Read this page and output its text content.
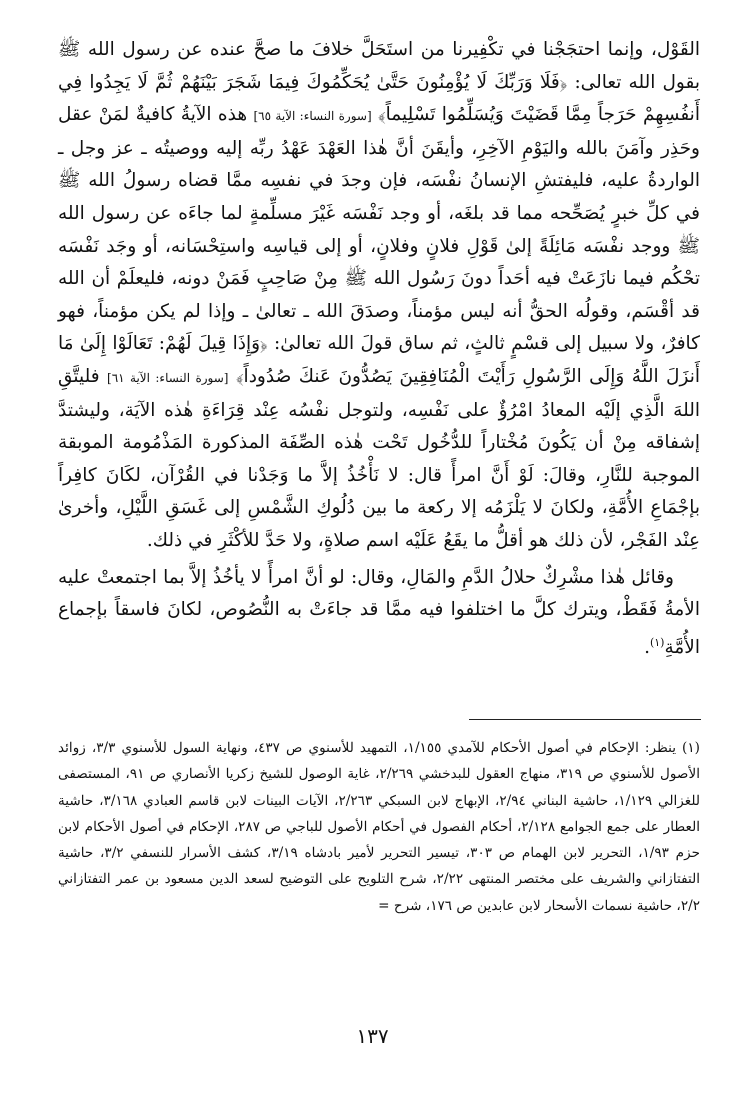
القَوْل، وإنما احتجَجْنا في تكْفِيرنا من استَحَلَّ خلافَ ما صحَّ عنده عن رسول الله ﷺ بقول الله تعالى: ﴿فَلَا وَرَبِّكَ لَا يُؤْمِنُونَ حَتَّىٰ يُحَكِّمُوكَ فِيمَا شَجَرَ بَيْنَهُمْ ثُمَّ لَا يَجِدُوا فِي أَنفُسِهِمْ حَرَجاً مِمَّا قَضَيْتَ وَيُسَلِّمُوا تَسْلِيماً﴾ [سورة النساء: الآية ٦٥] هذه الآيةُ كافيةٌ لمَنْ عقل وحَذِر وآمَنَ بالله واليَوْمِ الآخِرِ، وأيقَنَ أنَّ هٰذا العَهْدَ عَهْدُ ربِّه إليه ووصيتُه ـ عز وجل ـ الواردةُ عليه، فليفتشِ الإنسانُ نفْسَه، فإن وجدَ في نفسِه ممَّا قضاه رسولُ الله ﷺ في كلِّ خبرٍ يُصَحِّحه مما قد بلغَه، أو وجد نَفْسَه غَيْرَ مسلِّمةٍ لما جاءَه عن رسول الله ﷺ ووجد نفْسَه مَائِلَةً إلىٰ قَوْلِ فلانٍ وفلانٍ، أو إلى قياسِه واستِحْسَانه، أو وجَد نَفْسَه تحْكُم فيما نازَعَتْ فيه أحَداً دونَ رَسُول الله ﷺ مِنْ صَاحِبٍ فَمَنْ دونه، فليعلَمْ أن الله قد أقْسَم، وقولُه الحقُّ أنه ليس مؤمناً، وصدَقَ الله ـ تعالىٰ ـ وإذا لم يكن مؤمناً، فهو كافرٌ، ولا سبيل إلى قسْمٍ ثالثٍ، ثم ساق قولَ الله تعالىٰ: ﴿وَإِذَا قِيلَ لَهُمْ: تَعَالَوْا إِلَىٰ مَا أَنزَلَ اللَّهُ وَإِلَى الرَّسُولِ رَأَيْتَ الْمُنَافِقِينَ يَصُدُّونَ عَنكَ صُدُوداً﴾ [سورة النساء: الآية ٦١] فليتَّقِ اللهَ الَّذِي إلَيْه المعادُ امْرُؤٌ على نَفْسِه، ولتوجل نفْسُه عِنْد قِرَاءَةِ هٰذه الآيَة، وليشتدَّ إشفاقه مِنْ أن يَكُونَ مُخْتاراً للدُّخُول تَحْت هٰذه الصِّفَة المذكورة المَذْمُومة الموبقة الموجبة للنَّارِ، وقالَ: لَوْ أَنَّ امرأً قال: لا نَأْخُذُ إلاَّ ما وَجَدْنا في القُرْآن، لكَانَ كافِراً بإجْمَاعِ الأُمَّةِ، ولكانَ لا يَلْزَمُه إلا ركعة ما بين دُلُوكِ الشَّمْسِ إلى غَسَقِ اللَّيْلِ، وأخرىٰ عِنْد الفَجْر، لأن ذلك هو أقلُّ ما يقَعُ عَلَيْه اسم صلاةٍ، ولا حَدَّ للأكْثَرِ في ذلك.

وقائل هٰذا مشْرِكٌ حلالُ الدَّمِ والمَالِ، وقال: لو أنَّ امرأً لا يأخُذُ إلاَّ بما اجتمعتْ عليه الأمةُ فَقَطْ، ويترك كلَّ ما اختلفوا فيه ممَّا قد جاءَتْ به النُّصُوص، لكانَ فاسقاً بإجماع الأُمَّةِ$^{(١)}$.

(١) ينظر: الإحكام في أصول الأحكام للآمدي ١/١٥٥، التمهيد للأسنوي ص ٤٣٧، ونهاية السول للأسنوي ٣/٣، زوائد الأصول للأسنوي ص ٣١٩، منهاج العقول للبدخشي ٢/٢٦٩، غاية الوصول للشيخ زكريا الأنصاري ص ٩١، المستصفى للغزالي ١/١٢٩، حاشية البناني ٢/٩٤، الإبهاج لابن السبكي ٢/٢٦٣، الآيات البينات لابن قاسم العبادي ٣/١٦٨، حاشية العطار على جمع الجوامع ٢/١٢٨، أحكام الفصول في أحكام الأصول للباجي ص ٢٨٧، الإحكام في أصول الأحكام لابن حزم ١/٩٣، التحرير لابن الهمام ص ٣٠٣، تيسير التحرير لأمير بادشاه ٣/١٩، كشف الأسرار للنسفي ٣/٢، حاشية التفتازاني والشريف على مختصر المنتهى ٢/٢٢، شرح التلويح على التوضيح لسعد الدين مسعود بن عمر التفتازاني ٢/٢، حاشية نسمات الأسحار لابن عابدين ص ١٧٦، شرح =

١٣٧
